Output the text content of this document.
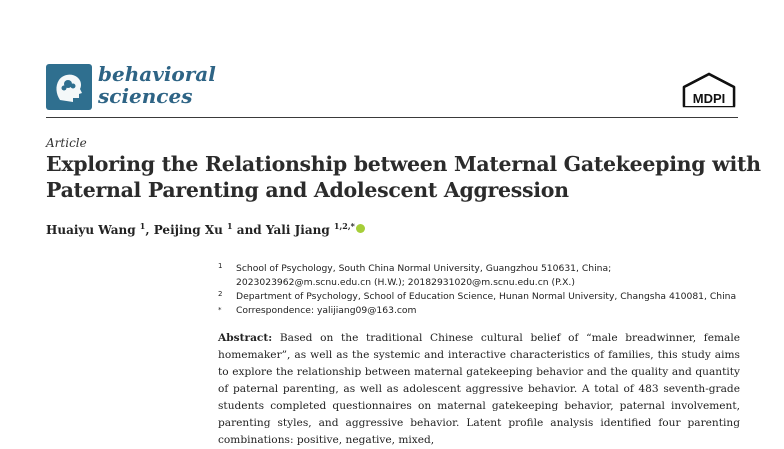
behavioral
sciences	MDPI
Article
Exploring the Relationship between Maternal Gatekeeping with Paternal Parenting and Adolescent Aggression
Huaiyu Wang $^1$, Peijing Xu $^1$ and Yali Jiang $^{1,2,*}$
1 School of Psychology, South China Normal University, Guangzhou 510631, China;
2023023962@m.scnu.edu.cn (H.W.); 20182931020@m.scnu.edu.cn (P.X.)
2 Department of Psychology, School of Education Science, Hunan Normal University, Changsha 410081, China
* Correspondence: yalijiang09@163.com
Abstract: Based on the traditional Chinese cultural belief of “male breadwinner, female homemaker”, as well as the systemic and interactive characteristics of families, this study aims to explore the relationship between maternal gatekeeping behavior and the quality and quantity of paternal parenting, as well as adolescent aggressive behavior. A total of 483 seventh-grade students completed questionnaires on maternal gatekeeping behavior, paternal involvement, parenting styles, and aggressive behavior. Latent profile analysis identified four parenting combinations: positive, negative, mixed,
